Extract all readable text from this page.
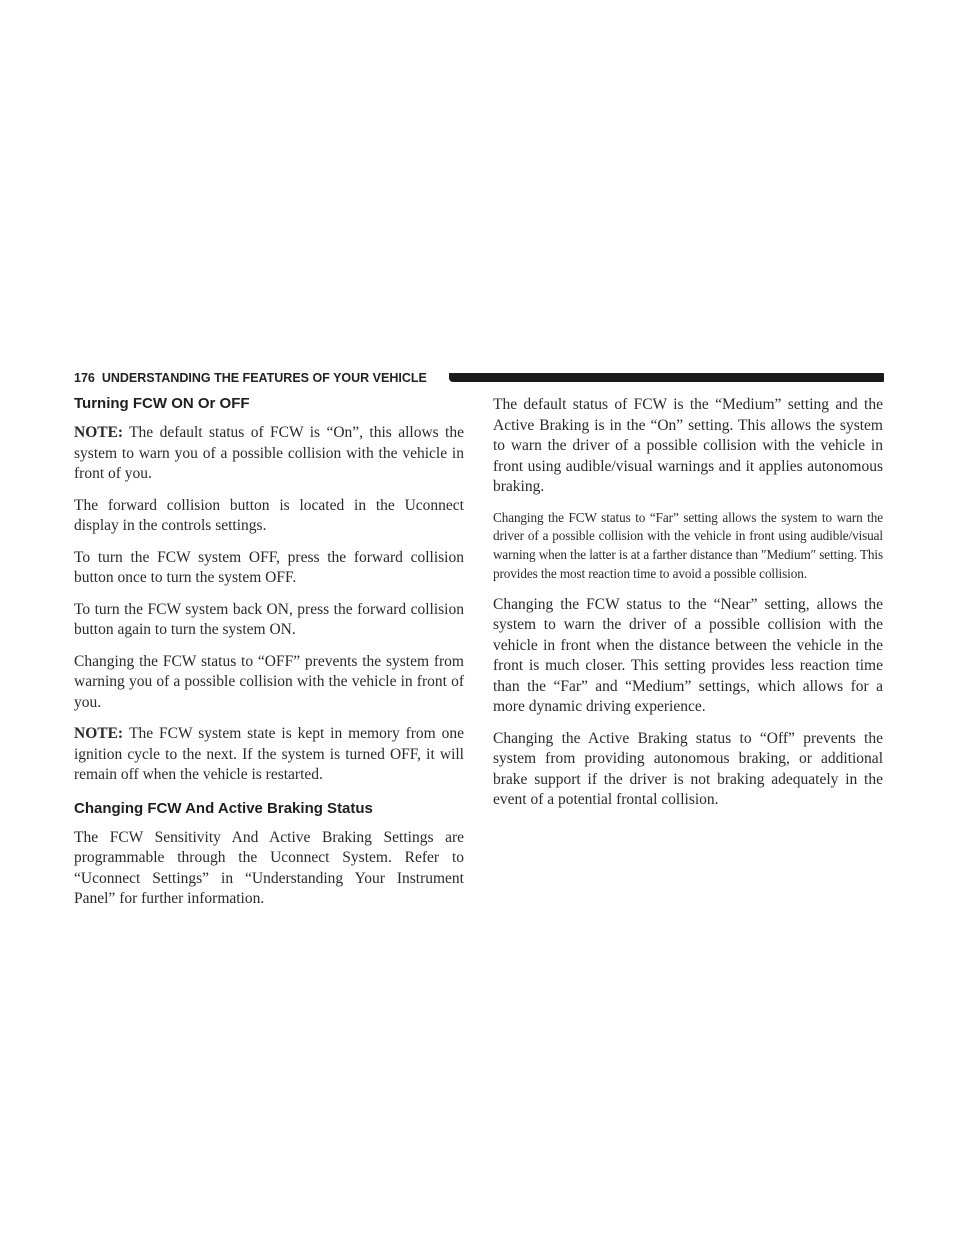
176 UNDERSTANDING THE FEATURES OF YOUR VEHICLE
Turning FCW ON Or OFF

NOTE: The default status of FCW is “On”, this allows the system to warn you of a possible collision with the vehicle in front of you.

The forward collision button is located in the Uconnect display in the controls settings.

To turn the FCW system OFF, press the forward collision button once to turn the system OFF.

To turn the FCW system back ON, press the forward collision button again to turn the system ON.

Changing the FCW status to “OFF” prevents the system from warning you of a possible collision with the vehicle in front of you.

NOTE: The FCW system state is kept in memory from one ignition cycle to the next. If the system is turned OFF, it will remain off when the vehicle is restarted.

Changing FCW And Active Braking Status

The FCW Sensitivity And Active Braking Settings are programmable through the Uconnect System. Refer to “Uconnect Settings” in “Understanding Your Instrument Panel” for further information.

The default status of FCW is the “Medium” setting and the Active Braking is in the “On” setting. This allows the system to warn the driver of a possible collision with the vehicle in front using audible/visual warnings and it applies autonomous braking.

Changing the FCW status to “Far” setting allows the system to warn the driver of a possible collision with the vehicle in front using audible/visual warning when the latter is at a farther distance than ″Medium″ setting. This provides the most reaction time to avoid a possible collision.

Changing the FCW status to the “Near” setting, allows the system to warn the driver of a possible collision with the vehicle in front when the distance between the vehicle in the front is much closer. This setting provides less reaction time than the “Far” and “Medium” settings, which allows for a more dynamic driving experience.

Changing the Active Braking status to “Off” prevents the system from providing autonomous braking, or additional brake support if the driver is not braking adequately in the event of a potential frontal collision.
